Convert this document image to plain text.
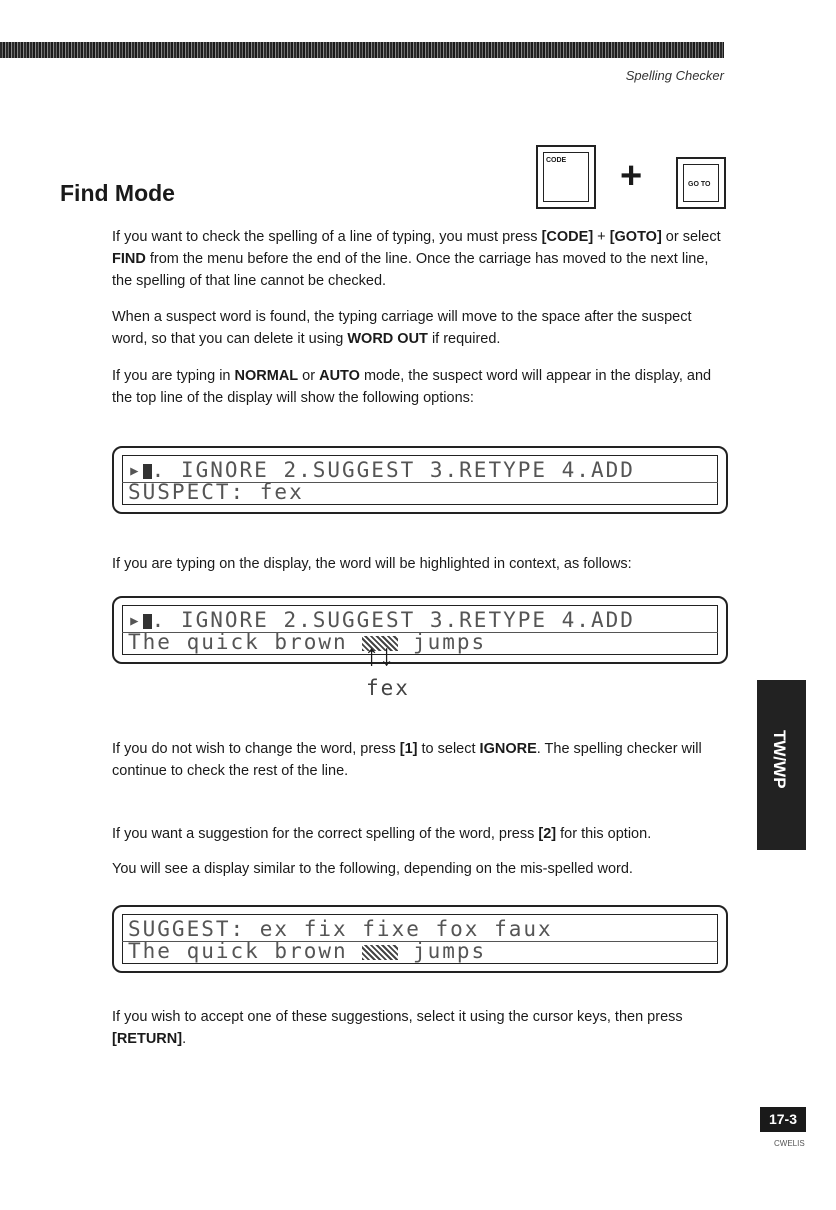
Spelling Checker
Find Mode
CODE +	GO TO

If you want to check the spelling of a line of typing, you must press [CODE] + [GOTO] or select FIND from the menu before the end of the line. Once the carriage has moved to the next line, the spelling of that line cannot be checked.

When a suspect word is found, the typing carriage will move to the space after the suspect word, so that you can delete it using WORD OUT if required.

If you are typing in NORMAL or AUTO mode, the suspect word will appear in the display, and the top line of the display will show the following options:

▸ . IGNORE 2.SUGGEST 3.RETYPE 4.ADD
SUSPECT: fex

If you are typing on the display, the word will be highlighted in context, as follows:

▸ . IGNORE 2.SUGGEST 3.RETYPE 4.ADD
The quick brown	jumps
↑↓
fex

If you do not wish to change the word, press [1] to select IGNORE. The spelling checker will continue to check the rest of the line.

If you want a suggestion for the correct spelling of the word, press [2] for this option.

You will see a display similar to the following, depending on the mis-spelled word.

SUGGEST: ex fix fixe fox faux
The quick brown	jumps

If you wish to accept one of these suggestions, select it using the cursor keys, then press [RETURN].

TW/WP
17-3
CWELIS
